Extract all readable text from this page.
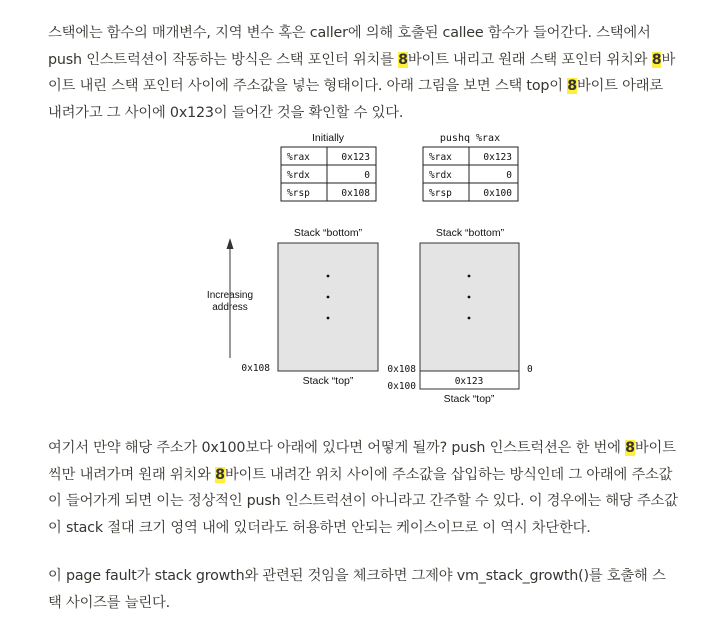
스택에는 함수의 매개변수, 지역 변수 혹은 caller에 의해 호출된 callee 함수가 들어간다. 스택에서
push 인스트럭션이 작동하는 방식은 스택 포인터 위치를 8바이트 내리고 원래 스택 포인터 위치와 8바
이트 내린 스택 포인터 사이에 주소값을 넣는 형태이다. 아래 그림을 보면 스택 top이 8바이트 아래로
내려가고 그 사이에 0x123이 들어간 것을 확인할 수 있다.
Initially	pushq %rax
%rax	0x123
%rdx	0
%rsp	0x108
%rax	0x123
%rdx	0
%rsp	0x100
Stack “bottom”	Stack “bottom”
Increasing
address
0x108
Stack “top”	0x123
0x108
0x100
Stack “top”
0
여기서 만약 해당 주소가 0x100보다 아래에 있다면 어떻게 될까? push 인스트럭션은 한 번에 8바이트
씩만 내려가며 원래 위치와 8바이트 내려간 위치 사이에 주소값을 삽입하는 방식인데 그 아래에 주소값
이 들어가게 되면 이는 정상적인 push 인스트럭션이 아니라고 간주할 수 있다. 이 경우에는 해당 주소값
이 stack 절대 크기 영역 내에 있더라도 허용하면 안되는 케이스이므로 이 역시 차단한다.
이 page fault가 stack growth와 관련된 것임을 체크하면 그제야 vm_stack_growth()를 호출해 스
택 사이즈를 늘린다.
